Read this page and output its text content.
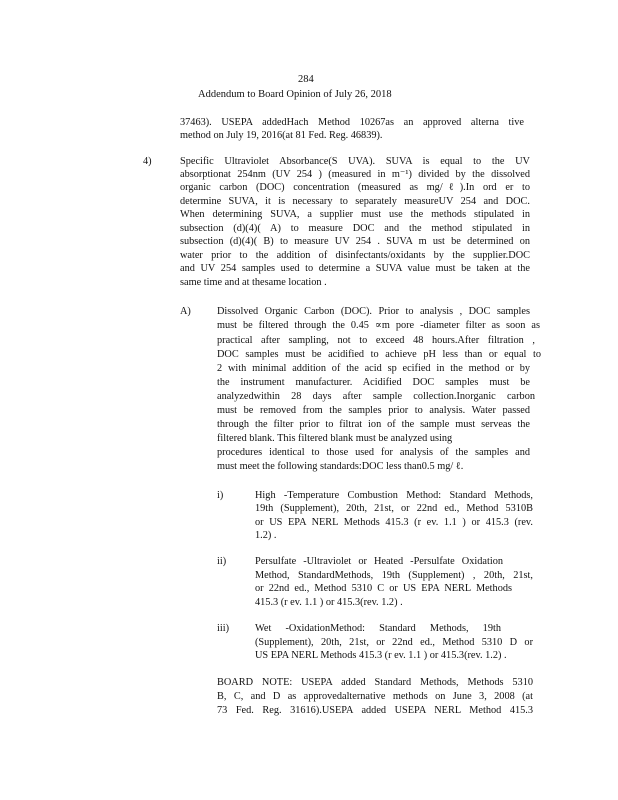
284
Addendum to Board Opinion of July 26, 2018
37463). USEPA addedHach Method 10267as an approved alterna tive
method on July 19, 2016(at 81 Fed. Reg. 46839).
4)	Specific Ultraviolet Absorbance(S UVA). SUVA is equal to the UV
absorptionat 254nm (UV 254 ) (measured in m⁻¹) divided by the dissolved
organic carbon (DOC) concentration (measured as mg/ℓ).In ord er to
determine SUVA, it is necessary to separately measureUV 254 and DOC.
When determining SUVA, a supplier must use the methods stipulated in
subsection (d)(4)( A) to measure DOC and the method stipulated in
subsection (d)(4)( B) to measure UV 254 . SUVA m ust be determined on
water prior to the addition of disinfectants/oxidants by the supplier.DOC
and UV 254 samples used to determine a SUVA value must be taken at the
same time and at thesame location .
A)	Dissolved Organic Carbon (DOC). Prior to analysis , DOC samples
must be filtered through the 0.45 ∝m pore -diameter filter as soon as
practical after sampling, not to exceed 48 hours.After filtration ,
DOC samples must be acidified to achieve pH less than or equal to
2 with minimal addition of the acid sp ecified in the method or by
the instrument manufacturer. Acidified DOC samples must be
analyzedwithin 28 days after sample collection.Inorganic carbon
must be removed from the samples prior to analysis. Water passed
through the filter prior to filtrat ion of the sample must serveas the
filtered blank. This filtered blank must be analyzed using
procedures identical to those used for analysis of the samples and
must meet the following standards:DOC less than0.5 mg/ ℓ.
i)	High -Temperature Combustion Method: Standard Methods,
19th (Supplement), 20th, 21st, or 22nd ed., Method 5310B
or US EPA NERL Methods 415.3 (r ev. 1.1 ) or 415.3 (rev.
1.2) .
ii)	Persulfate -Ultraviolet or Heated -Persulfate Oxidation
Method, StandardMethods, 19th (Supplement) , 20th, 21st,
or 22nd ed., Method 5310 C or US EPA NERL Methods
415.3 (r ev. 1.1 ) or 415.3(rev. 1.2) .
iii)	Wet -OxidationMethod: Standard Methods, 19th
(Supplement), 20th, 21st, or 22nd ed., Method 5310 D or
US EPA NERL Methods 415.3 (r ev. 1.1 ) or 415.3(rev. 1.2) .
BOARD NOTE: USEPA added Standard Methods, Methods 5310
B, C, and D as approvedalternative methods on June 3, 2008 (at
73 Fed. Reg. 31616).USEPA added USEPA NERL Method 415.3
